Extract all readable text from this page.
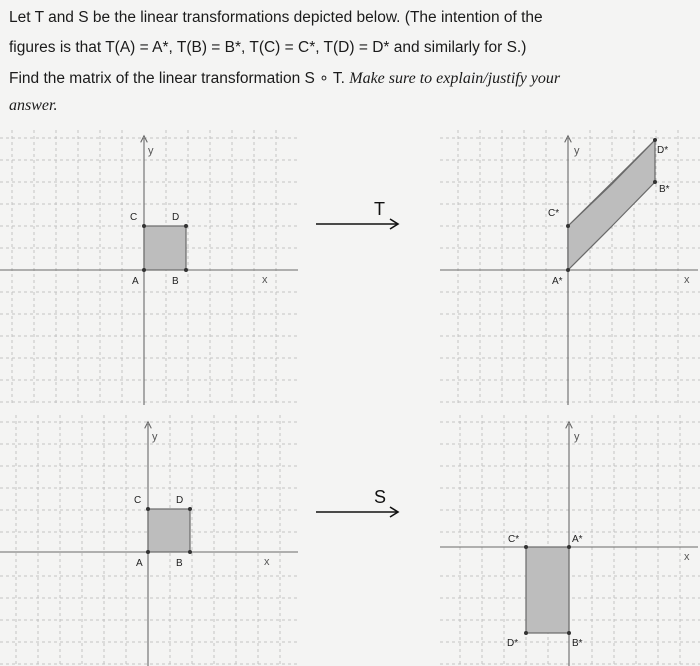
Let T and S be the linear transformations depicted below. (The intention of the
figures is that T(A) = A*, T(B) = B*, T(C) = C*, T(D) = D* and similarly for S.)
Find the matrix of the linear transformation S ∘ T. Make sure to explain/justify your
answer.
y
x
A	B
C	D	T
y
x
A*
B*
C*
D*
y
x
A	B
C	D	S
y
x
A*
B*
C*
D*
